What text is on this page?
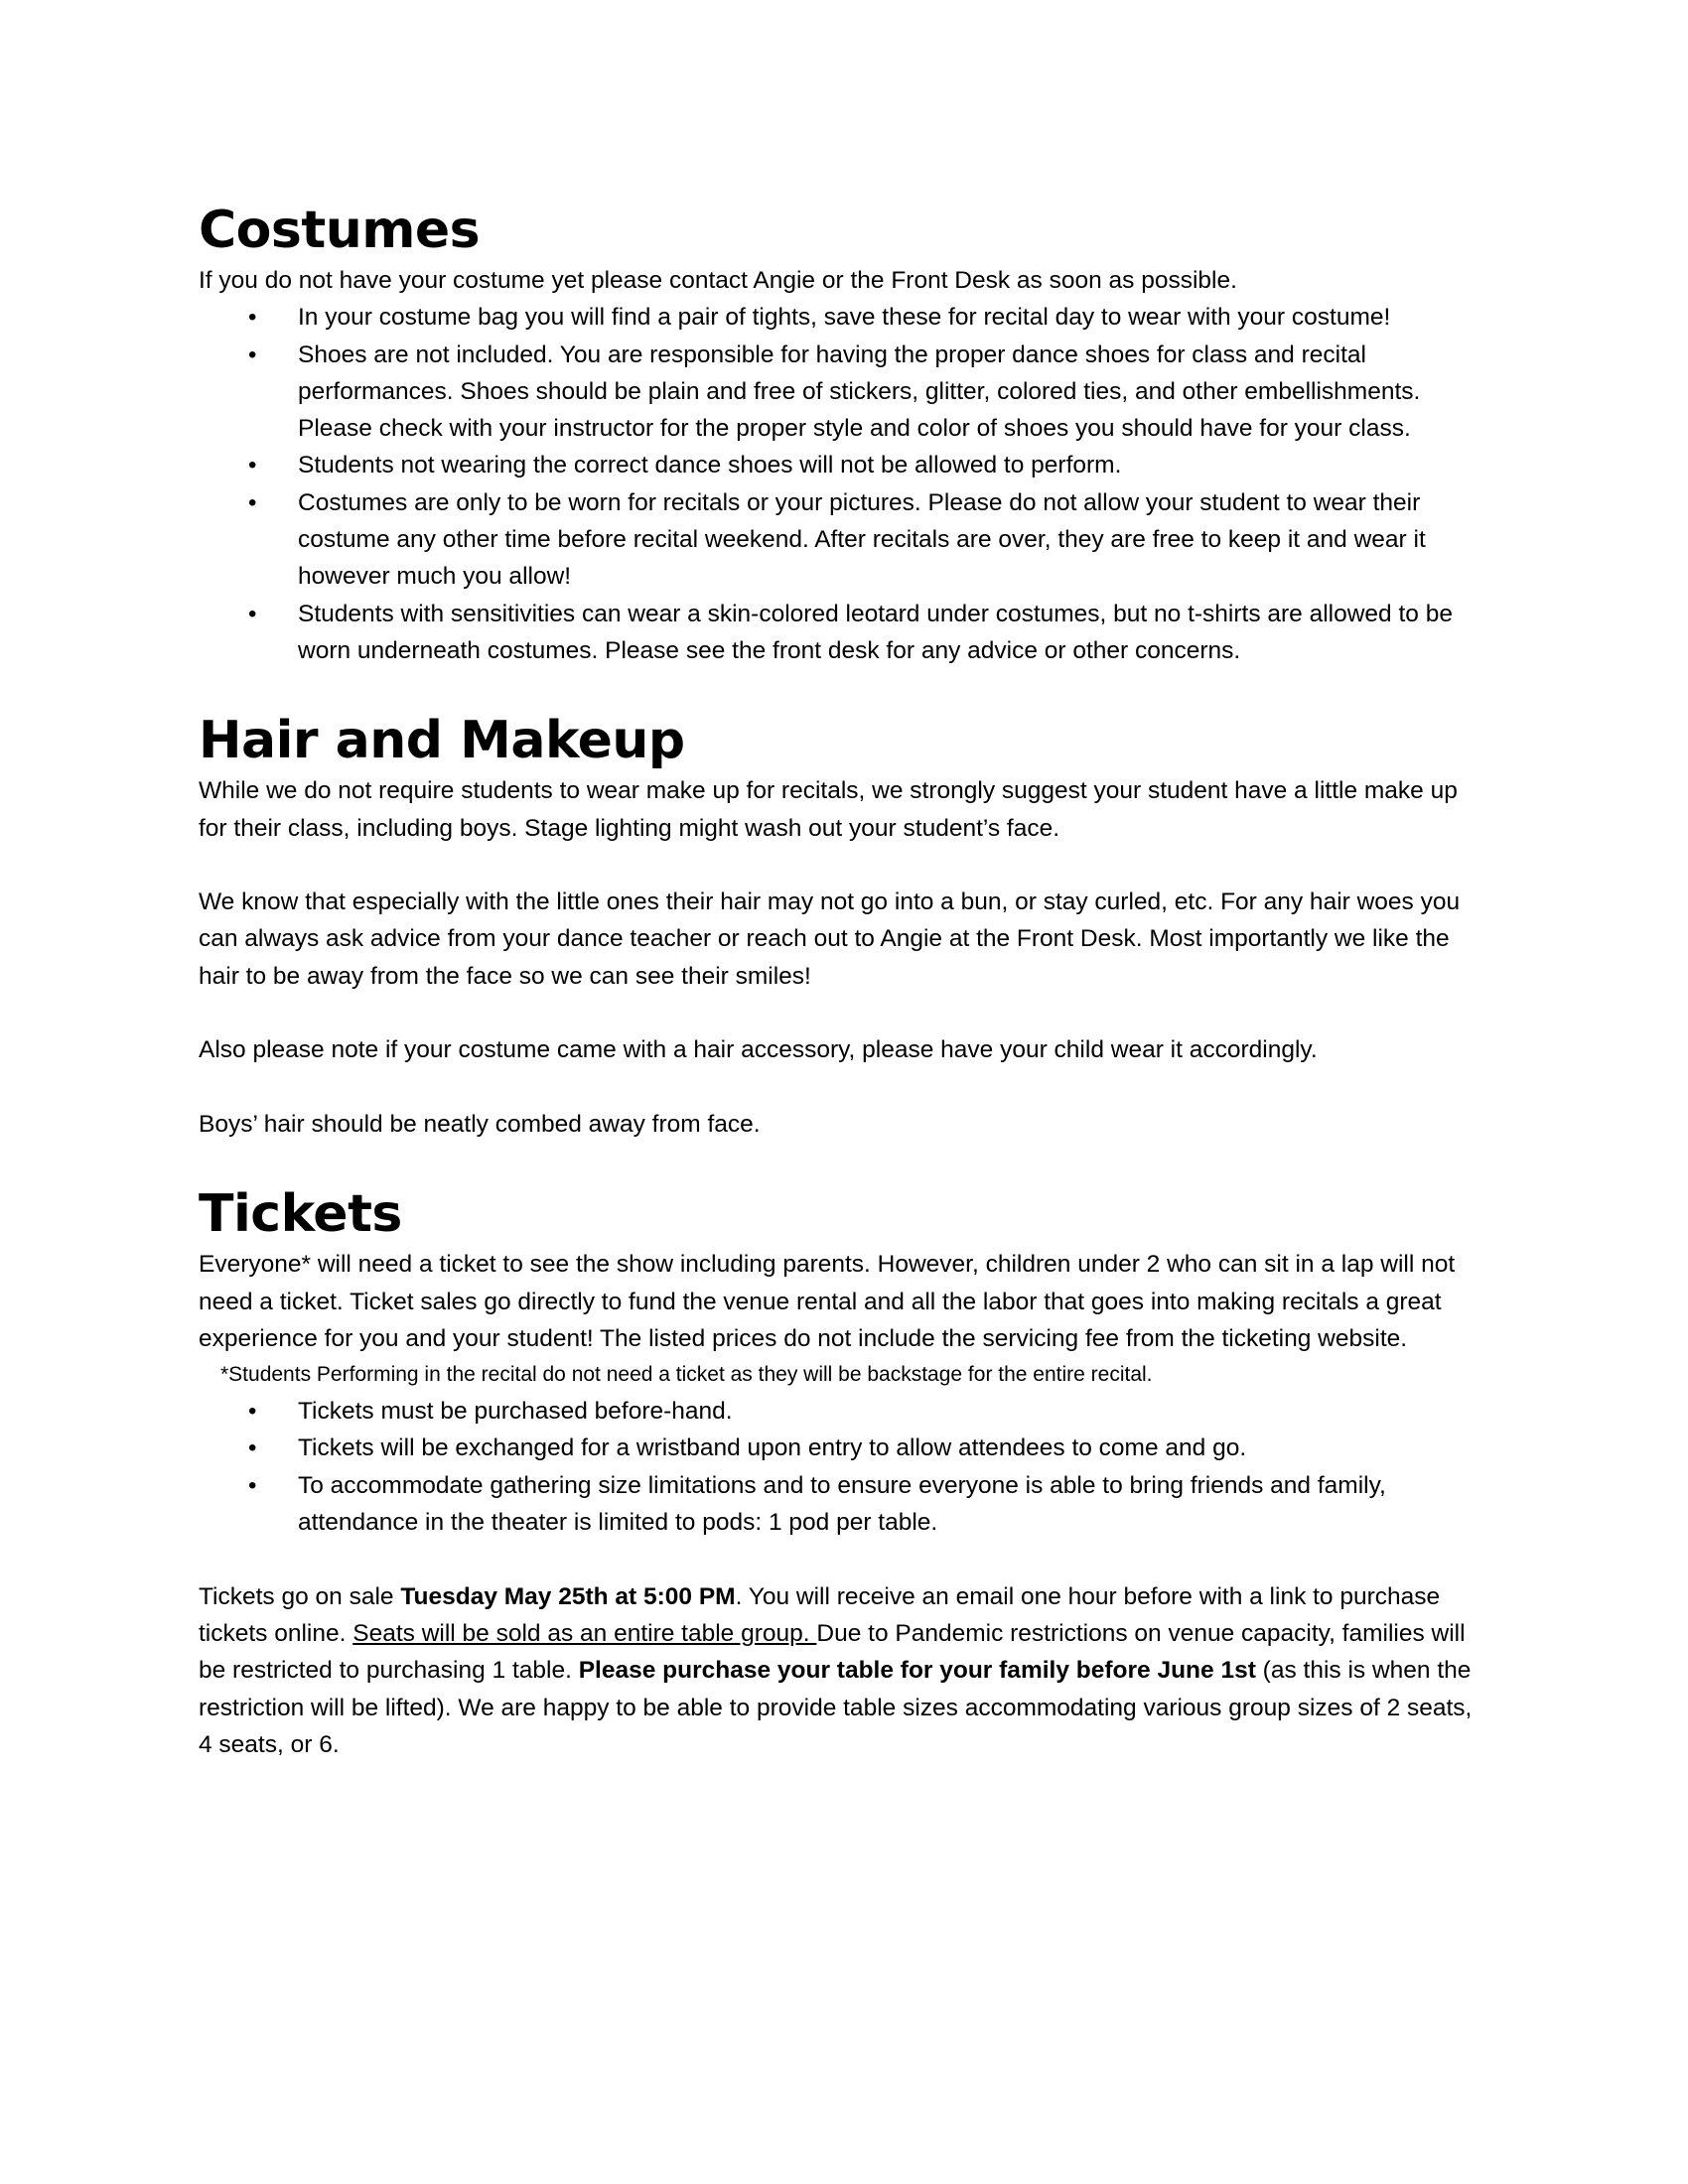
Costumes

If you do not have your costume yet please contact Angie or the Front Desk as soon as possible.

• In your costume bag you will find a pair of tights, save these for recital day to wear with your costume!
• Shoes are not included. You are responsible for having the proper dance shoes for class and recital performances. Shoes should be plain and free of stickers, glitter, colored ties, and other embellishments. Please check with your instructor for the proper style and color of shoes you should have for your class.
• Students not wearing the correct dance shoes will not be allowed to perform.
• Costumes are only to be worn for recitals or your pictures. Please do not allow your student to wear their costume any other time before recital weekend. After recitals are over, they are free to keep it and wear it however much you allow!
• Students with sensitivities can wear a skin-colored leotard under costumes, but no t-shirts are allowed to be worn underneath costumes. Please see the front desk for any advice or other concerns.
Hair and Makeup

While we do not require students to wear make up for recitals, we strongly suggest your student have a little make up for their class, including boys. Stage lighting might wash out your student’s face.

We know that especially with the little ones their hair may not go into a bun, or stay curled, etc. For any hair woes you can always ask advice from your dance teacher or reach out to Angie at the Front Desk. Most importantly we like the hair to be away from the face so we can see their smiles!

Also please note if your costume came with a hair accessory, please have your child wear it accordingly.

Boys’ hair should be neatly combed away from face.

Tickets

Everyone* will need a ticket to see the show including parents. However, children under 2 who can sit in a lap will not need a ticket. Ticket sales go directly to fund the venue rental and all the labor that goes into making recitals a great experience for you and your student! The listed prices do not include the servicing fee from the ticketing website.

*Students Performing in the recital do not need a ticket as they will be backstage for the entire recital.

• Tickets must be purchased before-hand.
• Tickets will be exchanged for a wristband upon entry to allow attendees to come and go.
• To accommodate gathering size limitations and to ensure everyone is able to bring friends and family, attendance in the theater is limited to pods: 1 pod per table.

Tickets go on sale Tuesday May 25th at 5:00 PM. You will receive an email one hour before with a link to purchase tickets online. Seats will be sold as an entire table group. Due to Pandemic restrictions on venue capacity, families will be restricted to purchasing 1 table. Please purchase your table for your family before June 1st (as this is when the restriction will be lifted). We are happy to be able to provide table sizes accommodating various group sizes of 2 seats, 4 seats, or 6.
